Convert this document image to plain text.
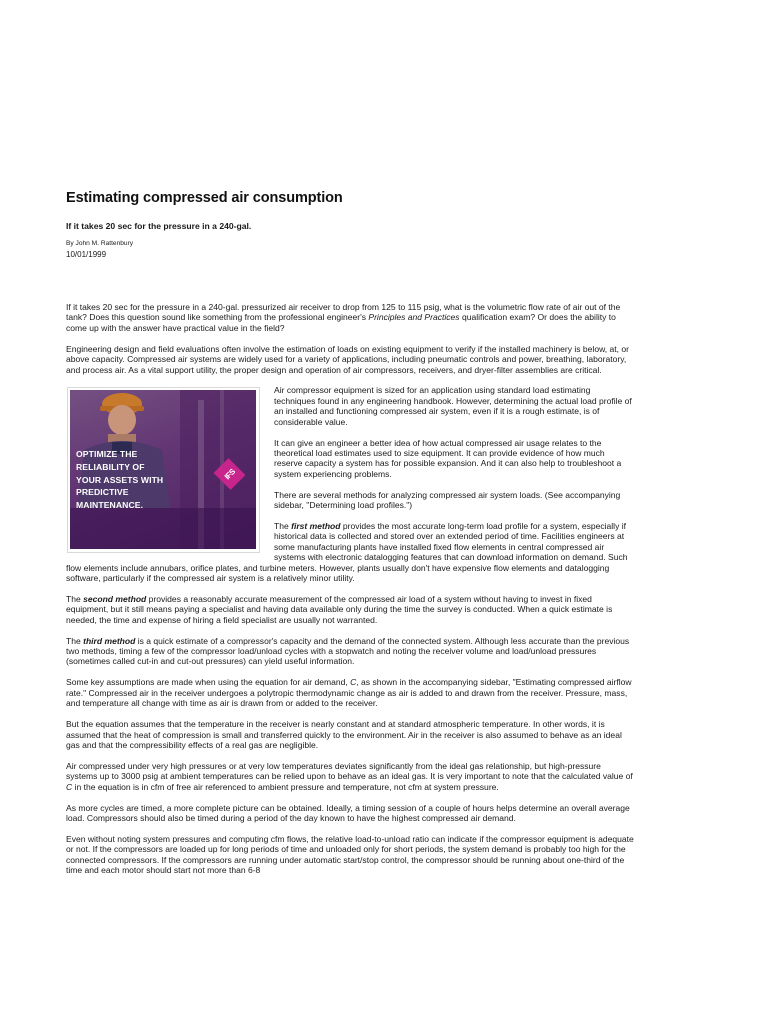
Estimating compressed air consumption
If it takes 20 sec for the pressure in a 240-gal.
By John M. Rattenbury
10/01/1999

If it takes 20 sec for the pressure in a 240-gal. pressurized air receiver to drop from 125 to 115 psig, what is the volumetric flow rate of air out of the tank? Does this question sound like something from the professional engineer's Principles and Practices qualification exam? Or does the ability to come up with the answer have practical value in the field?

Engineering design and field evaluations often involve the estimation of loads on existing equipment to verify if the installed machinery is below, at, or above capacity. Compressed air systems are widely used for a variety of applications, including pneumatic controls and power, breathing, laboratory, and process air. As a vital support utility, the proper design and operation of air compressors, receivers, and dryer-filter assemblies are critical.

OPTIMIZE THE
RELIABILITY OF
YOUR ASSETS WITH
PREDICTIVE
MAINTENANCE.
IFS

Air compressor equipment is sized for an application using standard load estimating techniques found in any engineering handbook. However, determining the actual load profile of an installed and functioning compressed air system, even if it is a rough estimate, is of considerable value.

It can give an engineer a better idea of how actual compressed air usage relates to the theoretical load estimates used to size equipment. It can provide evidence of how much reserve capacity a system has for possible expansion. And it can also help to troubleshoot a system experiencing problems.

There are several methods for analyzing compressed air system loads. (See accompanying sidebar, "Determining load profiles.")

The first method provides the most accurate long-term load profile for a system, especially if historical data is collected and stored over an extended period of time. Facilities engineers at some manufacturing plants have installed fixed flow elements in central compressed air systems with electronic datalogging features that can download information on demand. Such flow elements include annubars, orifice plates, and turbine meters. However, plants usually don't have expensive flow elements and datalogging software, particularly if the compressed air system is a relatively minor utility.

The second method provides a reasonably accurate measurement of the compressed air load of a system without having to invest in fixed equipment, but it still means paying a specialist and having data available only during the time the survey is conducted. When a quick estimate is needed, the time and expense of hiring a field specialist are usually not warranted.

The third method is a quick estimate of a compressor's capacity and the demand of the connected system. Although less accurate than the previous two methods, timing a few of the compressor load/unload cycles with a stopwatch and noting the receiver volume and load/unload pressures (sometimes called cut-in and cut-out pressures) can yield useful information.

Some key assumptions are made when using the equation for air demand, C, as shown in the accompanying sidebar, "Estimating compressed airflow rate." Compressed air in the receiver undergoes a polytropic thermodynamic change as air is added to and drawn from the receiver. Pressure, mass, and temperature all change with time as air is drawn from or added to the receiver.

But the equation assumes that the temperature in the receiver is nearly constant and at standard atmospheric temperature. In other words, it is assumed that the heat of compression is small and transferred quickly to the environment. Air in the receiver is also assumed to behave as an ideal gas and that the compressibility effects of a real gas are negligible.

Air compressed under very high pressures or at very low temperatures deviates significantly from the ideal gas relationship, but high-pressure systems up to 3000 psig at ambient temperatures can be relied upon to behave as an ideal gas. It is very important to note that the calculated value of C in the equation is in cfm of free air referenced to ambient pressure and temperature, not cfm at system pressure.

As more cycles are timed, a more complete picture can be obtained. Ideally, a timing session of a couple of hours helps determine an overall average load. Compressors should also be timed during a period of the day known to have the highest compressed air demand.

Even without noting system pressures and computing cfm flows, the relative load-to-unload ratio can indicate if the compressor equipment is adequate or not. If the compressors are loaded up for long periods of time and unloaded only for short periods, the system demand is probably too high for the connected compressors. If the compressors are running under automatic start/stop control, the compressor should be running about one-third of the time and each motor should start not more than 6-8
